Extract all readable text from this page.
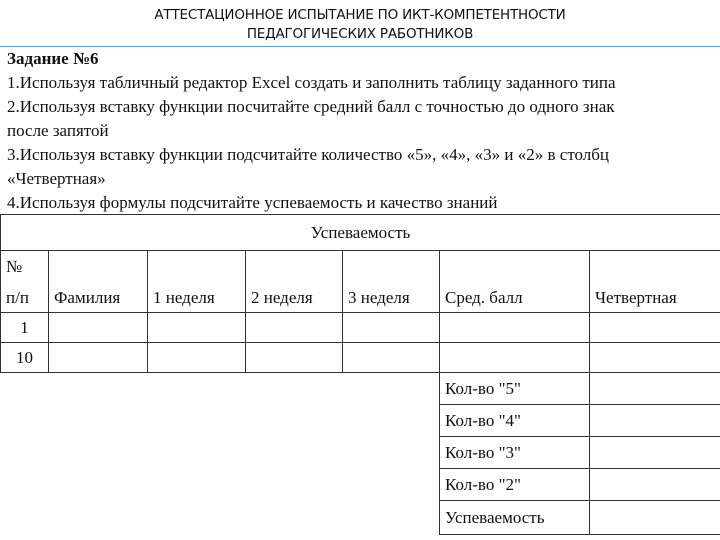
АТТЕСТАЦИОННОЕ ИСПЫТАНИЕ ПО ИКТ-КОМПЕТЕНТНОСТИ
ПЕДАГОГИЧЕСКИХ РАБОТНИКОВ
Задание №6
1.Используя табличный редактор Excel создать и заполнить таблицу заданного типа
2.Используя вставку функции посчитайте средний балл с точностью до одного знак
после запятой
3.Используя вставку функции подсчитайте количество «5», «4», «3» и «2» в столбц
«Четвертная»
4.Используя формулы подсчитайте успеваемость и качество знаний
Успеваемость						
№	Фамилия	1 неделя	2 неделя	3 неделя	Сред. балл	Четвертная
п/п						
1						
10						
					Кол-во "5"	
					Кол-во "4"	
					Кол-во "3"	
					Кол-во "2"	
					Успеваемость	
